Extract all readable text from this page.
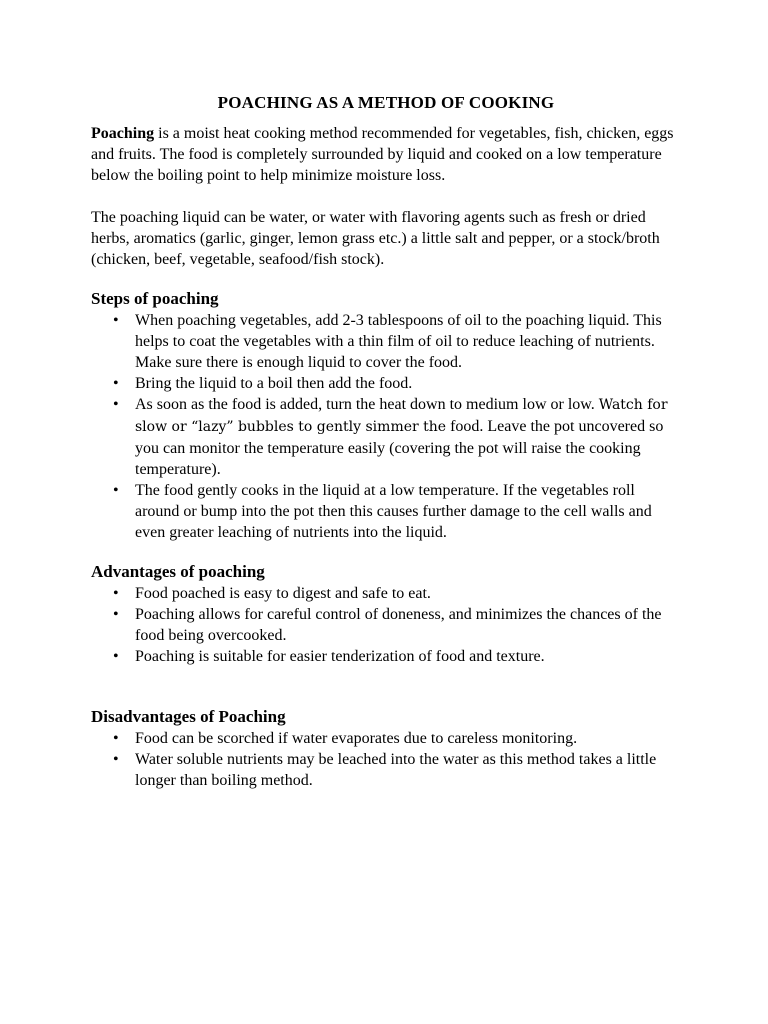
POACHING AS A METHOD OF COOKING

Poaching is a moist heat cooking method recommended for vegetables, fish, chicken, eggs and fruits. The food is completely surrounded by liquid and cooked on a low temperature below the boiling point to help minimize moisture loss.

The poaching liquid can be water, or water with flavoring agents such as fresh or dried herbs, aromatics (garlic, ginger, lemon grass etc.) a little salt and pepper, or a stock/broth (chicken, beef, vegetable, seafood/fish stock).

Steps of poaching
• When poaching vegetables, add 2-3 tablespoons of oil to the poaching liquid. This helps to coat the vegetables with a thin film of oil to reduce leaching of nutrients. Make sure there is enough liquid to cover the food.
• Bring the liquid to a boil then add the food.
• As soon as the food is added, turn the heat down to medium low or low. Watch for slow or “lazy” bubbles to gently simmer the food. Leave the pot uncovered so you can monitor the temperature easily (covering the pot will raise the cooking temperature).
• The food gently cooks in the liquid at a low temperature. If the vegetables roll around or bump into the pot then this causes further damage to the cell walls and even greater leaching of nutrients into the liquid.
Advantages of poaching
• Food poached is easy to digest and safe to eat.
• Poaching allows for careful control of doneness, and minimizes the chances of the food being overcooked.
• Poaching is suitable for easier tenderization of food and texture.
Disadvantages of Poaching
• Food can be scorched if water evaporates due to careless monitoring.
• Water soluble nutrients may be leached into the water as this method takes a little longer than boiling method.
